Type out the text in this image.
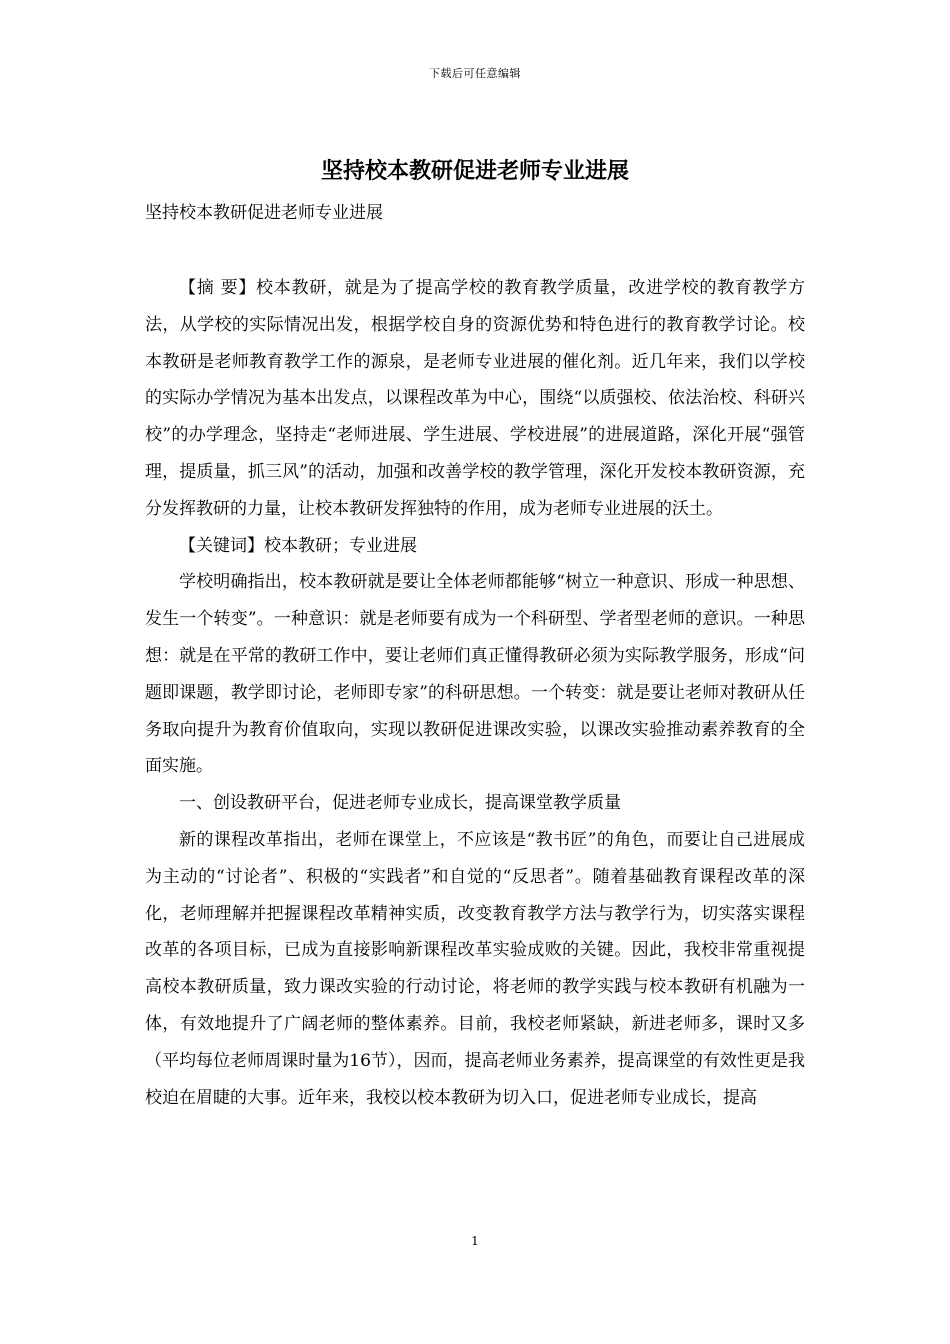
下载后可任意编辑
坚持校本教研促进老师专业进展
坚持校本教研促进老师专业进展

【摘 要】校本教研，就是为了提高学校的教育教学质量，改进学校的教育教学方法，从学校的实际情况出发，根据学校自身的资源优势和特色进行的教育教学讨论。校本教研是老师教育教学工作的源泉，是老师专业进展的催化剂。近几年来，我们以学校的实际办学情况为基本出发点，以课程改革为中心，围绕“以质强校、依法治校、科研兴校”的办学理念，坚持走“老师进展、学生进展、学校进展”的进展道路，深化开展“强管理，提质量，抓三风”的活动，加强和改善学校的教学管理，深化开发校本教研资源，充分发挥教研的力量，让校本教研发挥独特的作用，成为老师专业进展的沃土。

【关键词】校本教研；专业进展

学校明确指出，校本教研就是要让全体老师都能够“树立一种意识、形成一种思想、发生一个转变”。一种意识：就是老师要有成为一个科研型、学者型老师的意识。一种思想：就是在平常的教研工作中，要让老师们真正懂得教研必须为实际教学服务，形成“问题即课题，教学即讨论，老师即专家”的科研思想。一个转变：就是要让老师对教研从任务取向提升为教育价值取向，实现以教研促进课改实验，以课改实验推动素养教育的全面实施。

一、创设教研平台，促进老师专业成长，提高课堂教学质量

新的课程改革指出，老师在课堂上，不应该是“教书匠”的角色，而要让自己进展成为主动的“讨论者”、积极的“实践者”和自觉的“反思者”。随着基础教育课程改革的深化，老师理解并把握课程改革精神实质，改变教育教学方法与教学行为，切实落实课程改革的各项目标，已成为直接影响新课程改革实验成败的关键。因此，我校非常重视提高校本教研质量，致力课改实验的行动讨论，将老师的教学实践与校本教研有机融为一体，有效地提升了广阔老师的整体素养。目前，我校老师紧缺，新进老师多，课时又多（平均每位老师周课时量为16节），因而，提高老师业务素养，提高课堂的有效性更是我校迫在眉睫的大事。近年来，我校以校本教研为切入口，促进老师专业成长，提高

1
